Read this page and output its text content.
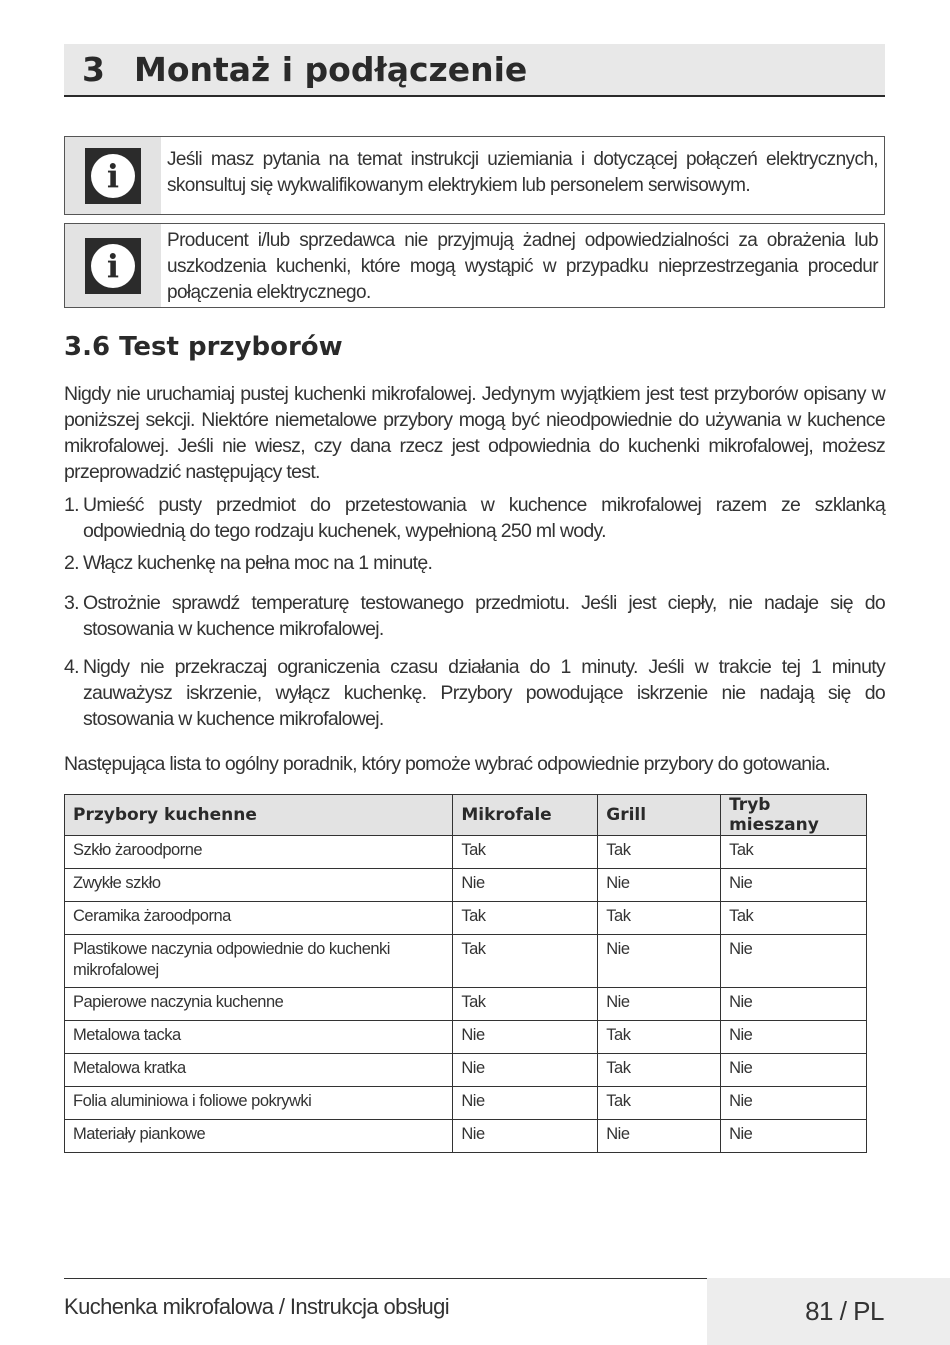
3 Montaż i podłączenie
i	Jeśli masz pytania na temat instrukcji uziemiania i dotyczącej połączeń elektrycznych, skonsultuj się wykwalifikowanym elektrykiem lub personelem serwisowym.
i
Producent i/lub sprzedawca nie przyjmują żadnej odpowiedzialności za obrażenia lub uszkodzenia kuchenki, które mogą wystąpić w przypadku nieprzestrzegania procedur połączenia elektrycznego.
3.6 Test przyborów
Nigdy nie uruchamiaj pustej kuchenki mikrofalowej. Jedynym wyjątkiem jest test przyborów opisany w poniższej sekcji. Niektóre niemetalowe przybory mogą być nieodpowiednie do używania w kuchence mikrofalowej. Jeśli nie wiesz, czy dana rzecz jest odpowiednia do kuchenki mikrofalowej, możesz przeprowadzić następujący test.
1. Umieść pusty przedmiot do przetestowania w kuchence mikrofalowej razem ze szklanką odpowiednią do tego rodzaju kuchenek, wypełnioną 250 ml wody.
2. Włącz kuchenkę na pełna moc na 1 minutę.
3. Ostrożnie sprawdź temperaturę testowanego przedmiotu. Jeśli jest ciepły, nie nadaje się do stosowania w kuchence mikrofalowej.
4. Nigdy nie przekraczaj ograniczenia czasu działania do 1 minuty. Jeśli w trakcie tej 1 minuty zauważysz iskrzenie, wyłącz kuchenkę. Przybory powodujące iskrzenie nie nadają się do stosowania w kuchence mikrofalowej.
Następująca lista to ogólny poradnik, który pomoże wybrać odpowiednie przybory do gotowania.
Przybory kuchenne	Mikrofale	Grill	Tryb mieszany
Szkło żaroodporne	Tak	Tak	Tak
Zwykłe szkło	Nie	Nie	Nie
Ceramika żaroodporna	Tak	Tak	Tak
Plastikowe naczynia odpowiednie do kuchenki mikrofalowej	Tak	Nie	Nie
Papierowe naczynia kuchenne	Tak	Nie	Nie
Metalowa tacka	Nie	Tak	Nie
Metalowa kratka	Nie	Tak	Nie
Folia aluminiowa i foliowe pokrywki	Nie	Tak	Nie
Materiały piankowe	Nie	Nie	Nie
Kuchenka mikrofalowa / Instrukcja obsługi	81 / PL
